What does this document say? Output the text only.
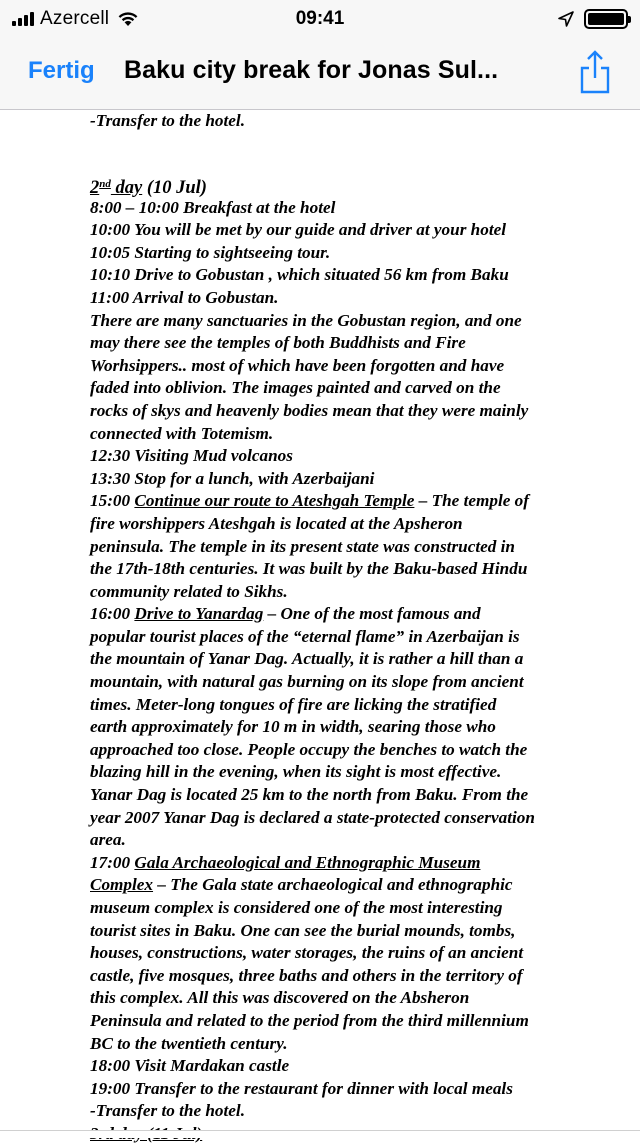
Azercell	09:41
Fertig Baku city break for Jonas Sul...
-Transfer to the hotel.
2nd day (10 Jul)
8:00 – 10:00 Breakfast at the hotel
10:00 You will be met by our guide and driver at your hotel
10:05 Starting to sightseeing tour.
10:10 Drive to Gobustan , which situated 56 km from Baku
11:00 Arrival to Gobustan.
There are many sanctuaries in the Gobustan region, and one
may there see the temples of both Buddhists and Fire
Worhsippers.. most of which have been forgotten and have
faded into oblivion. The images painted and carved on the
rocks of skys and heavenly bodies mean that they were mainly
connected with Totemism.
12:30 Visiting Mud volcanos
13:30 Stop for a lunch, with Azerbaijani
15:00 Continue our route to Ateshgah Temple – The temple of
fire worshippers Ateshgah is located at the Apsheron
peninsula. The temple in its present state was constructed in
the 17th-18th centuries. It was built by the Baku-based Hindu
community related to Sikhs.
16:00 Drive to Yanardag – One of the most famous and
popular tourist places of the “eternal flame” in Azerbaijan is
the mountain of Yanar Dag. Actually, it is rather a hill than a
mountain, with natural gas burning on its slope from ancient
times. Meter-long tongues of fire are licking the stratified
earth approximately for 10 m in width, searing those who
approached too close. People occupy the benches to watch the
blazing hill in the evening, when its sight is most effective.
Yanar Dag is located 25 km to the north from Baku. From the
year 2007 Yanar Dag is declared a state-protected conservation
area.
17:00 Gala Archaeological and Ethnographic Museum
Complex – The Gala state archaeological and ethnographic
museum complex is considered one of the most interesting
tourist sites in Baku. One can see the burial mounds, tombs,
houses, constructions, water storages, the ruins of an ancient
castle, five mosques, three baths and others in the territory of
this complex. All this was discovered on the Absheron
Peninsula and related to the period from the third millennium
BC to the twentieth century.
18:00 Visit Mardakan castle
19:00 Transfer to the restaurant for dinner with local meals
-Transfer to the hotel.
